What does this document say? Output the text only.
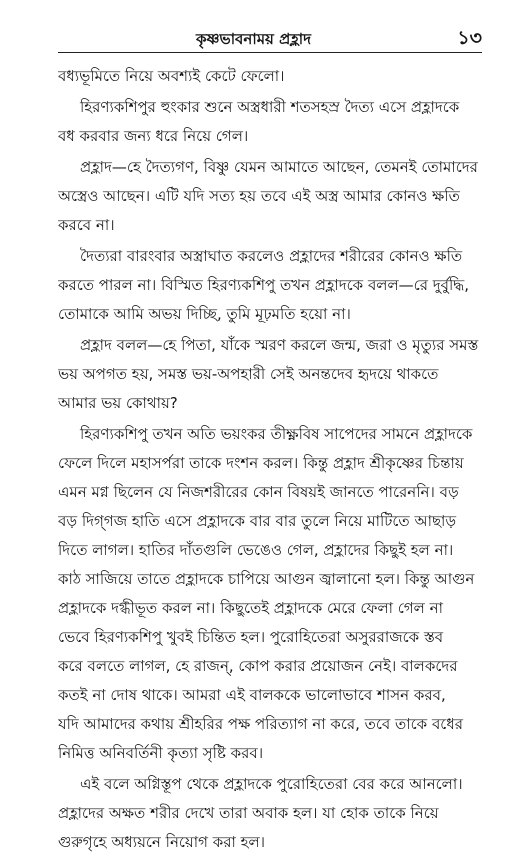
কৃষ্ণভাবনাময় প্রহ্লাদ	১৩
বধ্যভূমিতে নিয়ে অবশ্যই কেটে ফেলো।
হিরণ্যকশিপুর হুংকার শুনে অস্ত্রধারী শতসহস্র দৈত্য এসে প্রহ্লাদকে
বধ করবার জন্য ধরে নিয়ে গেল।
প্রহ্লাদ—হে দৈত্যগণ, বিষ্ণু যেমন আমাতে আছেন, তেমনই তোমাদের
অস্ত্রেও আছেন। এটি যদি সত্য হয় তবে এই অস্ত্র আমার কোনও ক্ষতি
করবে না।
দৈত্যরা বারংবার অস্ত্রাঘাত করলেও প্রহ্লাদের শরীরের কোনও ক্ষতি
করতে পারল না। বিস্মিত হিরণ্যকশিপু তখন প্রহ্লাদকে বলল—রে দুর্বুদ্ধি,
তোমাকে আমি অভয় দিচ্ছি, তুমি মূঢ়মতি হয়ো না।
প্রহ্লাদ বলল—হে পিতা, যাঁকে স্মরণ করলে জন্ম, জরা ও মৃত্যুর সমস্ত
ভয় অপগত হয়, সমস্ত ভয়-অপহারী সেই অনন্তদেব হৃদয়ে থাকতে
আমার ভয় কোথায়?
হিরণ্যকশিপু তখন অতি ভয়ংকর তীক্ষ্ণবিষ সাপেদের সামনে প্রহ্লাদকে
ফেলে দিলে মহাসর্পরা তাকে দংশন করল। কিন্তু প্রহ্লাদ শ্রীকৃষ্ণের চিন্তায়
এমন মগ্ন ছিলেন যে নিজশরীরের কোন বিষয়ই জানতে পারেননি। বড়
বড় দিগ্‌গজ হাতি এসে প্রহ্লাদকে বার বার তুলে নিয়ে মাটিতে আছাড়
দিতে লাগল। হাতির দাঁতগুলি ভেঙেও গেল, প্রহ্লাদের কিছুই হল না।
কাঠ সাজিয়ে তাতে প্রহ্লাদকে চাপিয়ে আগুন জ্বালানো হল। কিন্তু আগুন
প্রহ্লাদকে দগ্ধীভূত করল না। কিছুতেই প্রহ্লাদকে মেরে ফেলা গেল না
ভেবে হিরণ্যকশিপু খুবই চিন্তিত হল। পুরোহিতেরা অসুররাজকে স্তব
করে বলতে লাগল, হে রাজন্‌, কোপ করার প্রয়োজন নেই। বালকদের
কতই না দোষ থাকে। আমরা এই বালককে ভালোভাবে শাসন করব,
যদি আমাদের কথায় শ্রীহরির পক্ষ পরিত্যাগ না করে, তবে তাকে বধের
নিমিত্ত অনিবর্তিনী কৃত্যা সৃষ্টি করব।
এই বলে অগ্নিস্তূপ থেকে প্রহ্লাদকে পুরোহিতেরা বের করে আনলো।
প্রহ্লাদের অক্ষত শরীর দেখে তারা অবাক হল। যা হোক তাকে নিয়ে
গুরুগৃহে অধ্যয়নে নিয়োগ করা হল।
